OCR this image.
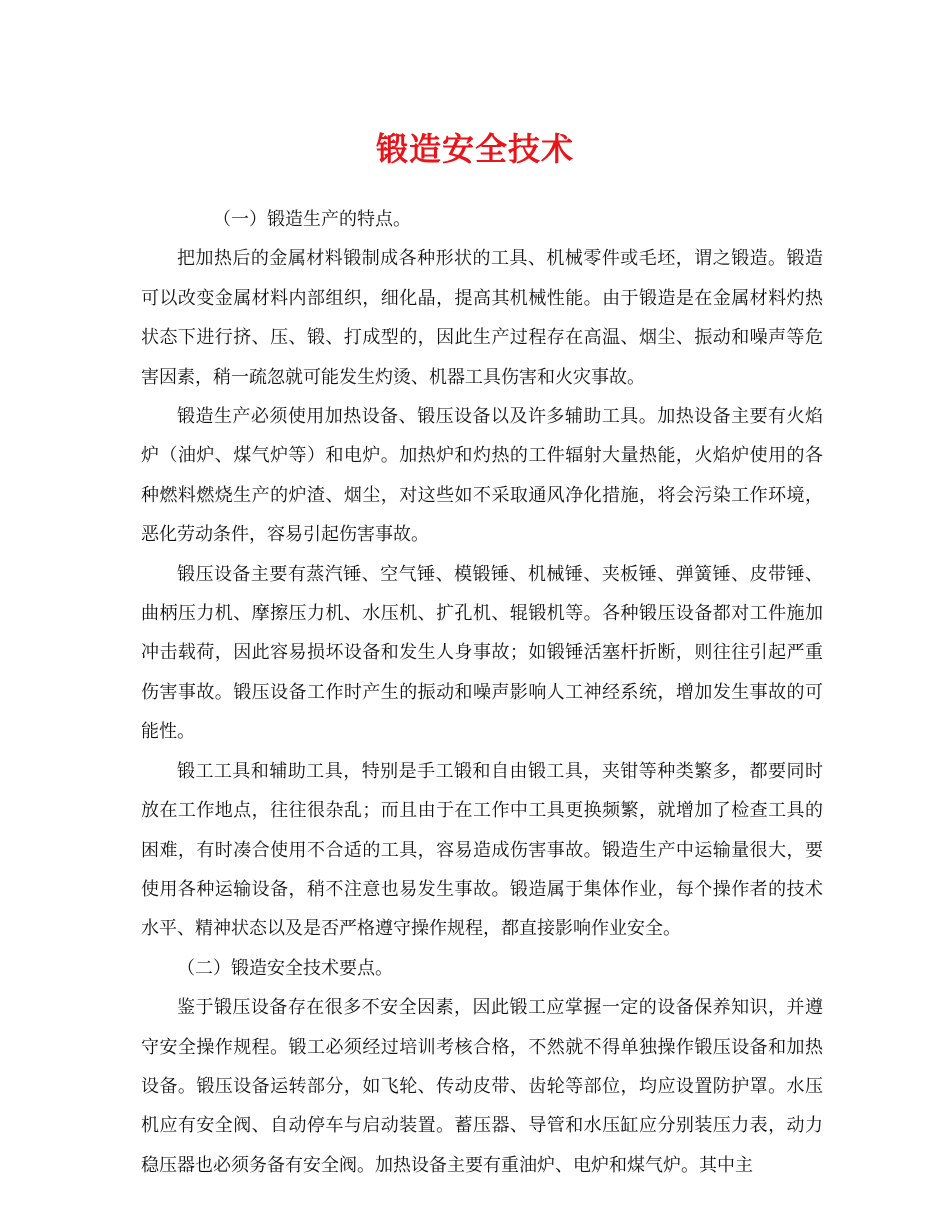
锻造安全技术

（一）锻造生产的特点。

把加热后的金属材料锻制成各种形状的工具、机械零件或毛坯，谓之锻造。锻造可以改变金属材料内部组织，细化晶，提高其机械性能。由于锻造是在金属材料灼热状态下进行挤、压、锻、打成型的，因此生产过程存在高温、烟尘、振动和噪声等危害因素，稍一疏忽就可能发生灼烫、机器工具伤害和火灾事故。

锻造生产必须使用加热设备、锻压设备以及许多辅助工具。加热设备主要有火焰炉（油炉、煤气炉等）和电炉。加热炉和灼热的工件辐射大量热能，火焰炉使用的各种燃料燃烧生产的炉渣、烟尘，对这些如不采取通风净化措施，将会污染工作环境，恶化劳动条件，容易引起伤害事故。

锻压设备主要有蒸汽锤、空气锤、模锻锤、机械锤、夹板锤、弹簧锤、皮带锤、曲柄压力机、摩擦压力机、水压机、扩孔机、辊锻机等。各种锻压设备都对工件施加冲击载荷，因此容易损坏设备和发生人身事故；如锻锤活塞杆折断，则往往引起严重伤害事故。锻压设备工作时产生的振动和噪声影响人工神经系统，增加发生事故的可能性。

锻工工具和辅助工具，特别是手工锻和自由锻工具，夹钳等种类繁多，都要同时放在工作地点，往往很杂乱；而且由于在工作中工具更换频繁，就增加了检查工具的困难，有时凑合使用不合适的工具，容易造成伤害事故。锻造生产中运输量很大，要使用各种运输设备，稍不注意也易发生事故。锻造属于集体作业，每个操作者的技术水平、精神状态以及是否严格遵守操作规程，都直接影响作业安全。

（二）锻造安全技术要点。

鉴于锻压设备存在很多不安全因素，因此锻工应掌握一定的设备保养知识，并遵守安全操作规程。锻工必须经过培训考核合格，不然就不得单独操作锻压设备和加热设备。锻压设备运转部分，如飞轮、传动皮带、齿轮等部位，均应设置防护罩。水压机应有安全阀、自动停车与启动装置。蓄压器、导管和水压缸应分别装压力表，动力稳压器也必须务备有安全阀。加热设备主要有重油炉、电炉和煤气炉。其中主
